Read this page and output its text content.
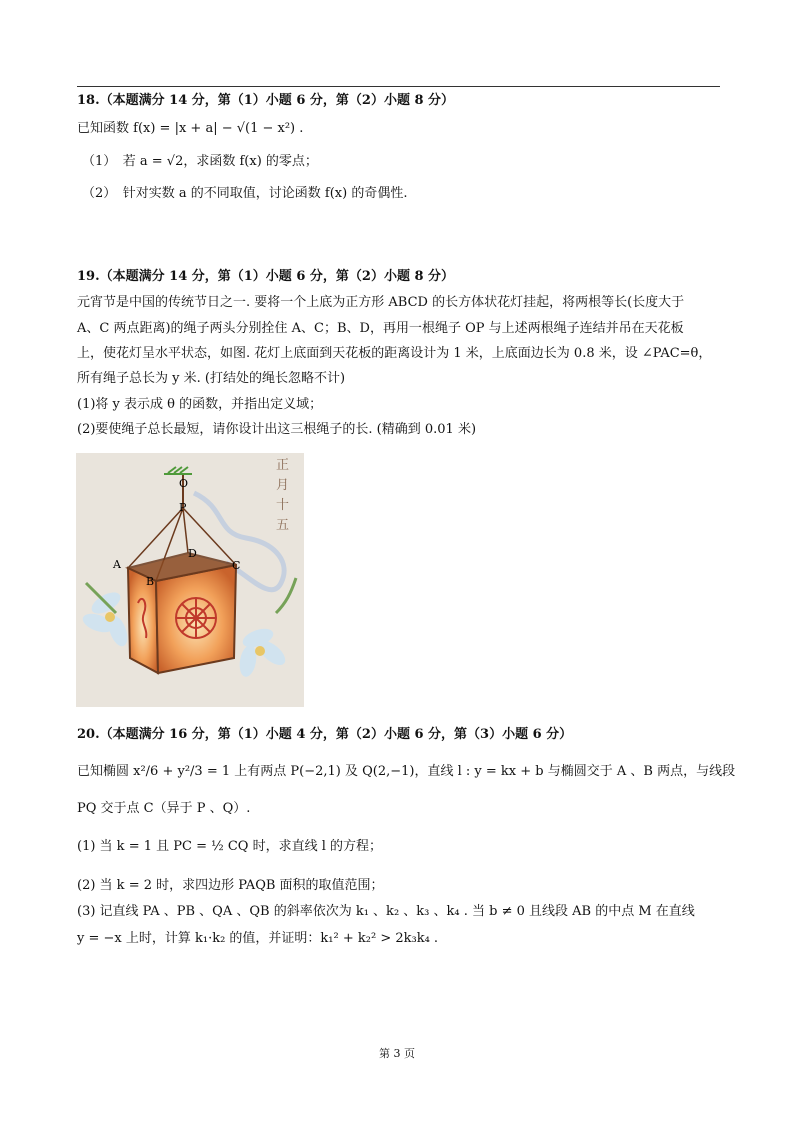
18.（本题满分 14 分，第（1）小题 6 分，第（2）小题 8 分）
已知函数 f(x) = |x + a| − √(1 − x²) .
（1）　若 a = √2，求函数 f(x) 的零点；
（2）　针对实数 a 的不同取值，讨论函数 f(x) 的奇偶性.
19.（本题满分 14 分，第（1）小题 6 分，第（2）小题 8 分）
元宵节是中国的传统节日之一. 要将一个上底为正方形 ABCD 的长方体状花灯挂起，将两根等长(长度大于
A、C 两点距离)的绳子两头分别拴住 A、C；B、D，再用一根绳子 OP 与上述两根绳子连结并吊在天花板
上，使花灯呈水平状态，如图. 花灯上底面到天花板的距离设计为 1 米，上底面边长为 0.8 米，设 ∠PAC=θ，
所有绳子总长为 y 米. (打结处的绳长忽略不计)
(1)将 y 表示成 θ 的函数，并指出定义域；
(2)要使绳子总长最短，请你设计出这三根绳子的长. (精确到 0.01 米)
O
P
D
A
B
C
正
月
十
五
20.（本题满分 16 分，第（1）小题 4 分，第（2）小题 6 分，第（3）小题 6 分）
已知椭圆 x²/6 + y²/3 = 1 上有两点 P(−2,1) 及 Q(2,−1)，直线 l : y = kx + b 与椭圆交于 A 、B 两点，与线段
PQ 交于点 C（异于 P 、Q）.
(1) 当 k = 1 且 PC = ½ CQ 时，求直线 l 的方程；
(2) 当 k = 2 时，求四边形 PAQB 面积的取值范围；
(3) 记直线 PA 、PB 、QA 、QB 的斜率依次为 k₁ 、k₂ 、k₃ 、k₄ . 当 b ≠ 0 且线段 AB 的中点 M 在直线
y = −x 上时，计算 k₁·k₂ 的值，并证明：k₁² + k₂² > 2k₃k₄ .
第 3 页
